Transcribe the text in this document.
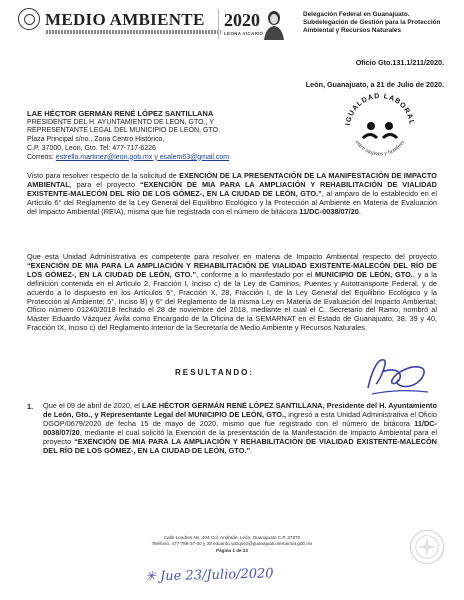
MEDIO AMBIENTE 2020
LEONA VICARIO
Delegación Federal en Guanajuato.
Subdelegación de Gestión para la Protección Ambiental y Recursos Naturales
Oficio Gto.131.1/211/2020.
León, Guanajuato, a 21 de Julio de 2020.
LAE HÉCTOR GERMÁN RENÉ LÓPEZ SANTILLANA
PRESIDENTE DEL H. AYUNTAMIENTO DE LEÓN, GTO., Y
REPRESENTANTE LEGAL DEL MUNICIPIO DE LEÓN, GTO.
Plaza Principal s/no., Zona Centro Histórico,
C.P. 37000, León, Gto. Tel: 477-717-6226
Correos: estrella.martinez@leon.gob.mx y esalem63@gmail.com
IGUALDAD LABORAL
entre mujeres y hombres
Visto para resolver respecto de la solicitud de EXENCIÓN DE LA PRESENTACIÓN DE LA MANIFESTACIÓN DE IMPACTO AMBIENTAL, para el proyecto “EXENCIÓN DE MIA PARA LA AMPLIACIÓN Y REHABILITACIÓN DE VIALIDAD EXISTENTE-MALECÓN DEL RÍO DE LOS GÓMEZ-, EN LA CIUDAD DE LEÓN, GTO.”, al amparo de lo establecido en el Artículo 6° del Reglamento de la Ley General del Equilibrio Ecológico y la Protección al Ambiente en Materia de Evaluación del Impacto Ambiental (REIA), misma que fue registrada con el número de bitácora 11/DC-0038/07/20.
Que esta Unidad Administrativa es competente para resolver en materia de Impacto Ambiental respecto del proyecto “EXENCIÓN DE MIA PARA LA AMPLIACIÓN Y REHABILITACIÓN DE VIALIDAD EXISTENTE-MALECÓN DEL RÍO DE LOS GÓMEZ-, EN LA CIUDAD DE LEÓN, GTO.”, conforme a lo manifestado por el MUNICIPIO DE LEÓN, GTO., y a la definición contenida en el Artículo 2, Fracción I, Inciso c) de la Ley de Caminos, Puentes y Autotransporte Federal, y de acuerdo a lo dispuesto en los Artículos 5°, Fracción X, 28, Fracción I, de la Ley General del Equilibrio Ecológico y la Protección al Ambiente; 5°, Inciso B) y 6° del Reglamento de la misma Ley en Materia de Evaluación del Impacto Ambiental; Oficio número 01240/2018 fechado el 28 de noviembre del 2018, mediante el cual el C. Secretario del Ramo, nombró al Máster Eduardo Vázquez Ávila como Encargado de la Oficina de la SEMARNAT en el Estado de Guanajuato; 38, 39 y 40, Fracción IX, Inciso c) del Reglamento Interior de la Secretaría de Medio Ambiente y Recursos Naturales.
RESULTANDO:
1. Que el 09 de abril de 2020, el LAE HÉCTOR GERMÁN RENÉ LÓPEZ SANTILLANA, Presidente del H. Ayuntamiento de León, Gto., y Representante Legal del MUNICIPIO DE LEÓN, GTO., ingresó a esta Unidad Administrativa el Oficio DGOP/0679/2020 de fecha 15 de mayo de 2020, mismo que fue registrado con el número de bitácora 11/DC-0038/07/20, mediante el cual solicitó la Exención de la presentación de la Manifestación de Impacto Ambiental para el proyecto “EXENCIÓN DE MIA PARA LA AMPLIACIÓN Y REHABILITACIÓN DE VIALIDAD EXISTENTE-MALECÓN DEL RÍO DE LOS GÓMEZ-, EN LA CIUDAD DE LEÓN, GTO.”.
Calle Londres No. 404 Col. Andrade, León, Guanajuato C.P. 37370
Teléfono: 477-788-37-00 y 38 eduardo.vazquez@guanajuato.semarnat.gob.mx
Página 1 de 23
✳ Jue 23/Julio/2020
